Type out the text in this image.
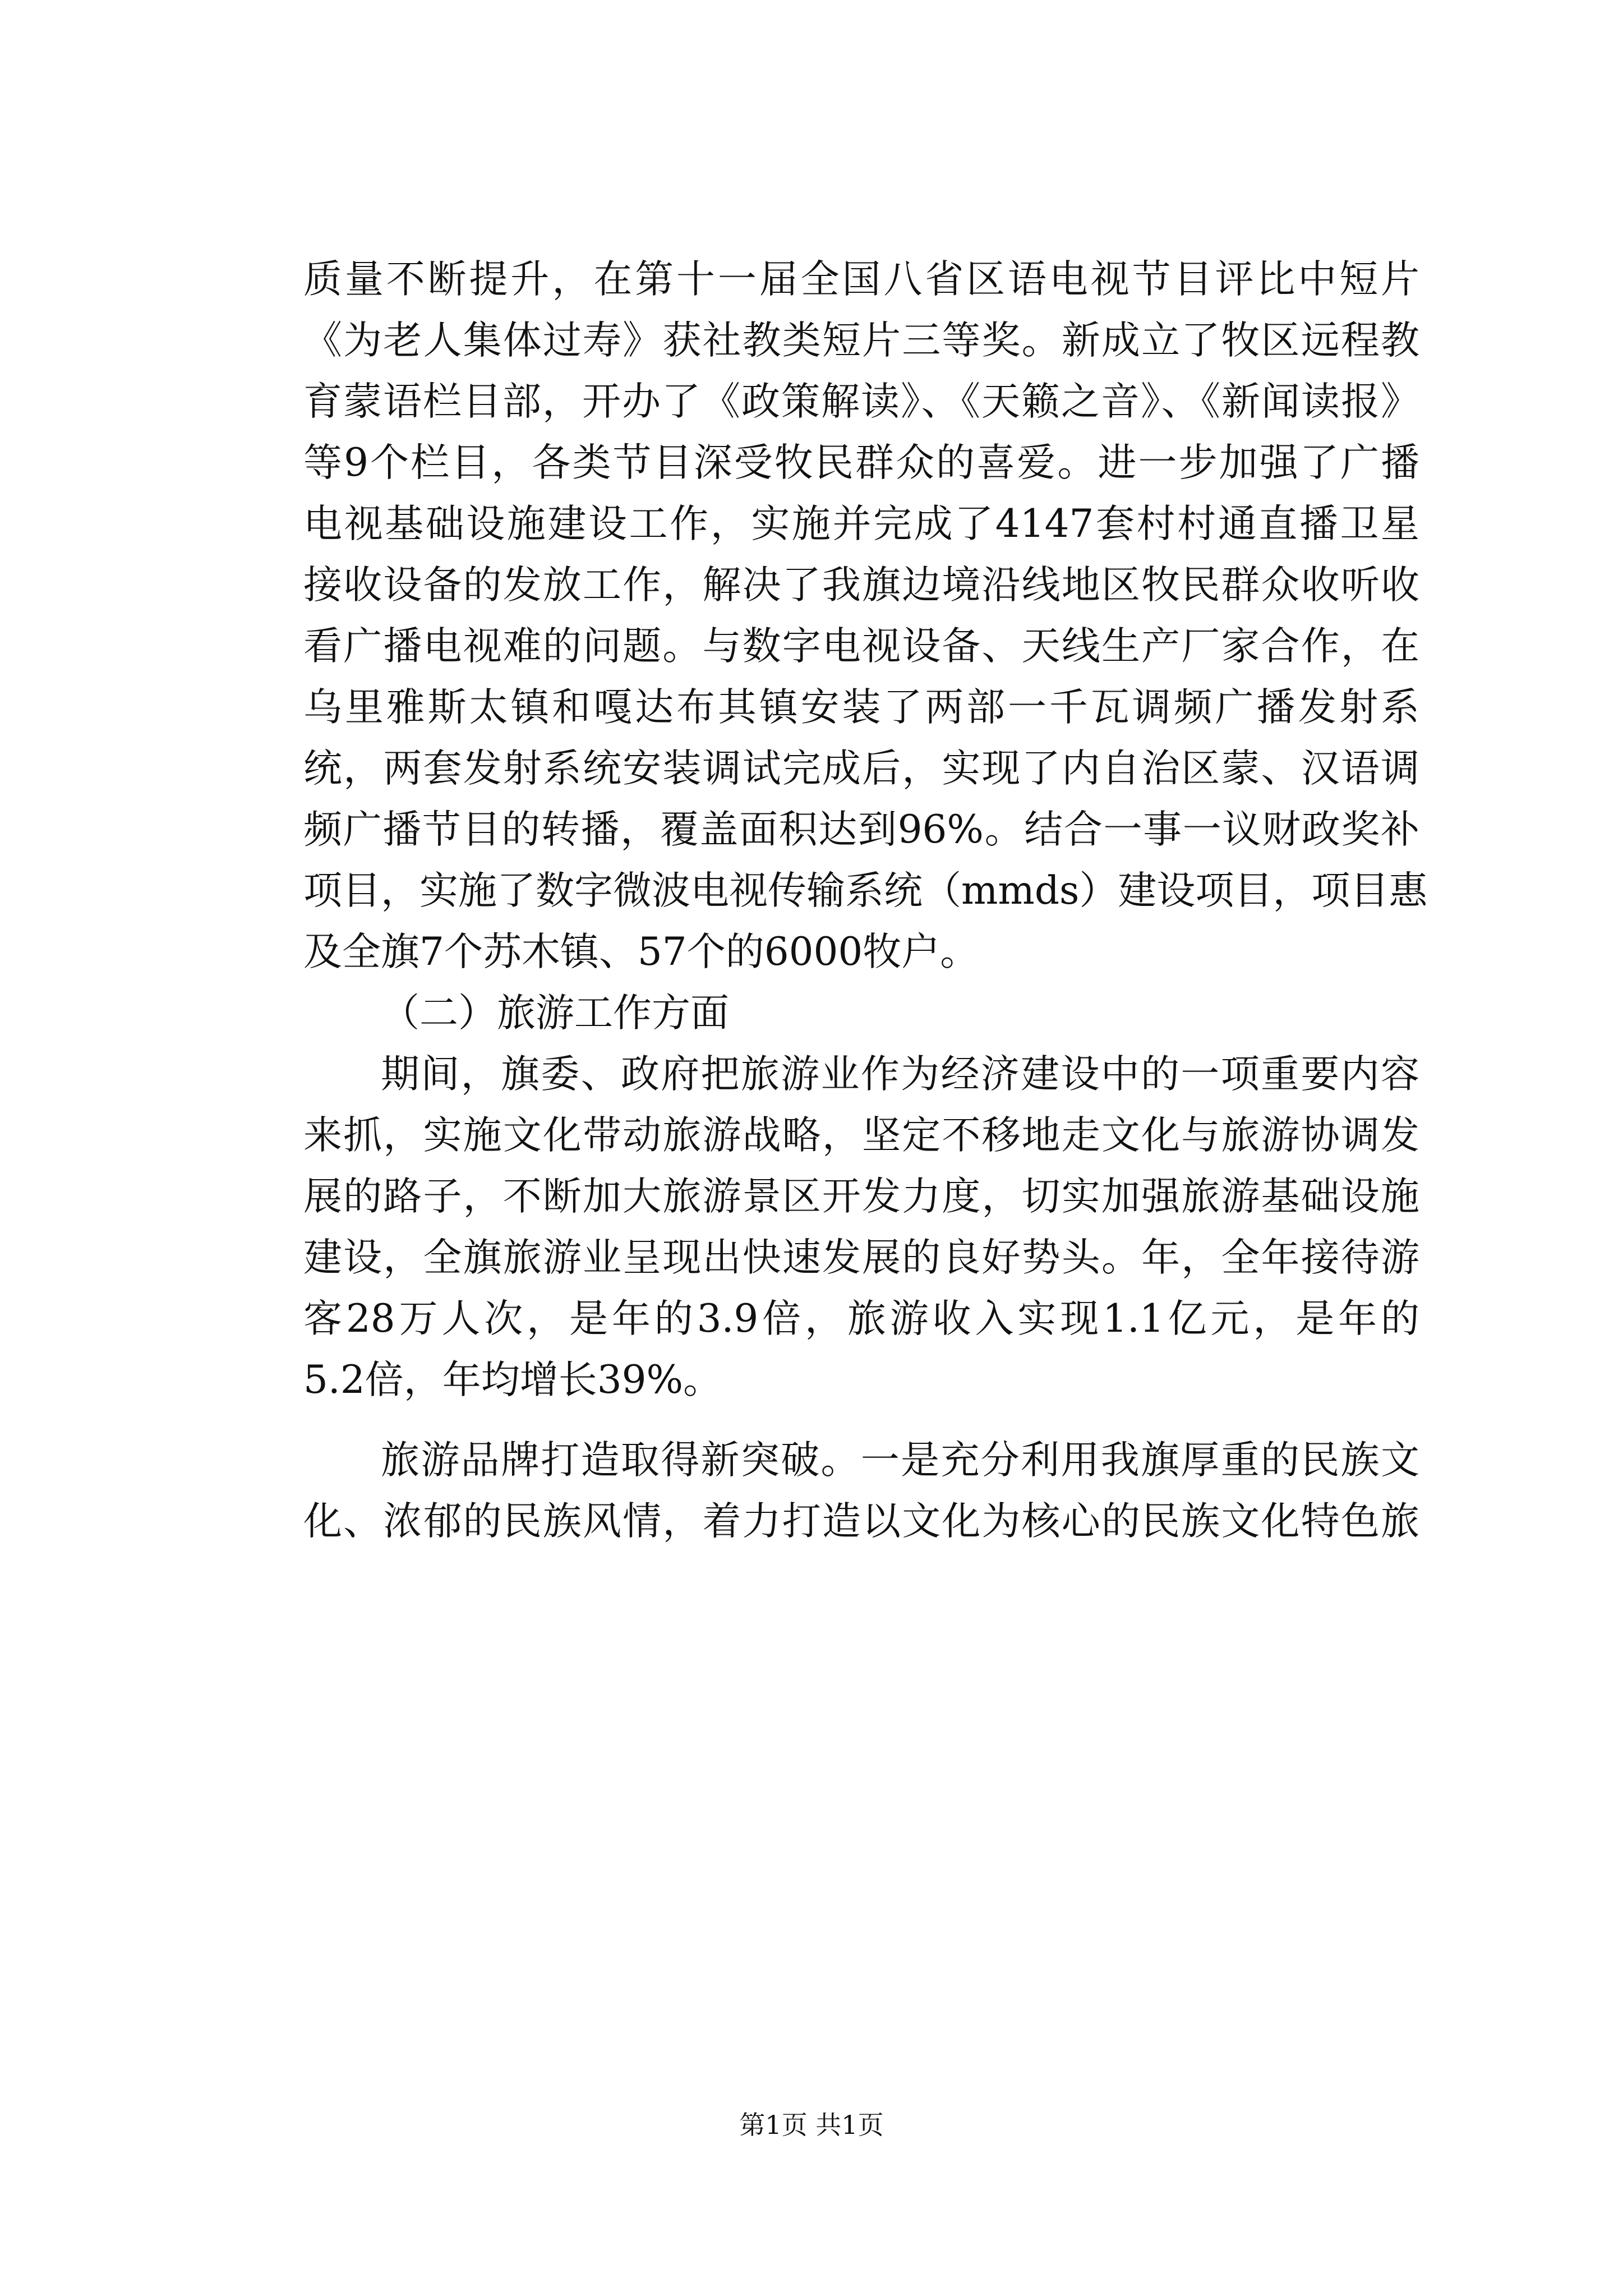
质量不断提升，在第十一届全国八省区语电视节目评比中短片
《为老人集体过寿》获社教类短片三等奖。新成立了牧区远程教
育蒙语栏目部，开办了《政策解读》、《天籁之音》、《新闻读报》
等9个栏目，各类节目深受牧民群众的喜爱。进一步加强了广播
电视基础设施建设工作，实施并完成了4147套村村通直播卫星
接收设备的发放工作，解决了我旗边境沿线地区牧民群众收听收
看广播电视难的问题。与数字电视设备、天线生产厂家合作，在
乌里雅斯太镇和嘎达布其镇安装了两部一千瓦调频广播发射系
统，两套发射系统安装调试完成后，实现了内自治区蒙、汉语调
频广播节目的转播，覆盖面积达到96%。结合一事一议财政奖补
项目，实施了数字微波电视传输系统（mmds）建设项目，项目惠
及全旗7个苏木镇、57个的6000牧户。
（二）旅游工作方面
期间，旗委、政府把旅游业作为经济建设中的一项重要内容
来抓，实施文化带动旅游战略，坚定不移地走文化与旅游协调发
展的路子，不断加大旅游景区开发力度，切实加强旅游基础设施
建设，全旗旅游业呈现出快速发展的良好势头。年，全年接待游
客28万人次，是年的3.9倍，旅游收入实现1.1亿元，是年的
5.2倍，年均增长39%。
旅游品牌打造取得新突破。一是充分利用我旗厚重的民族文
化、浓郁的民族风情，着力打造以文化为核心的民族文化特色旅
第1页 共1页
